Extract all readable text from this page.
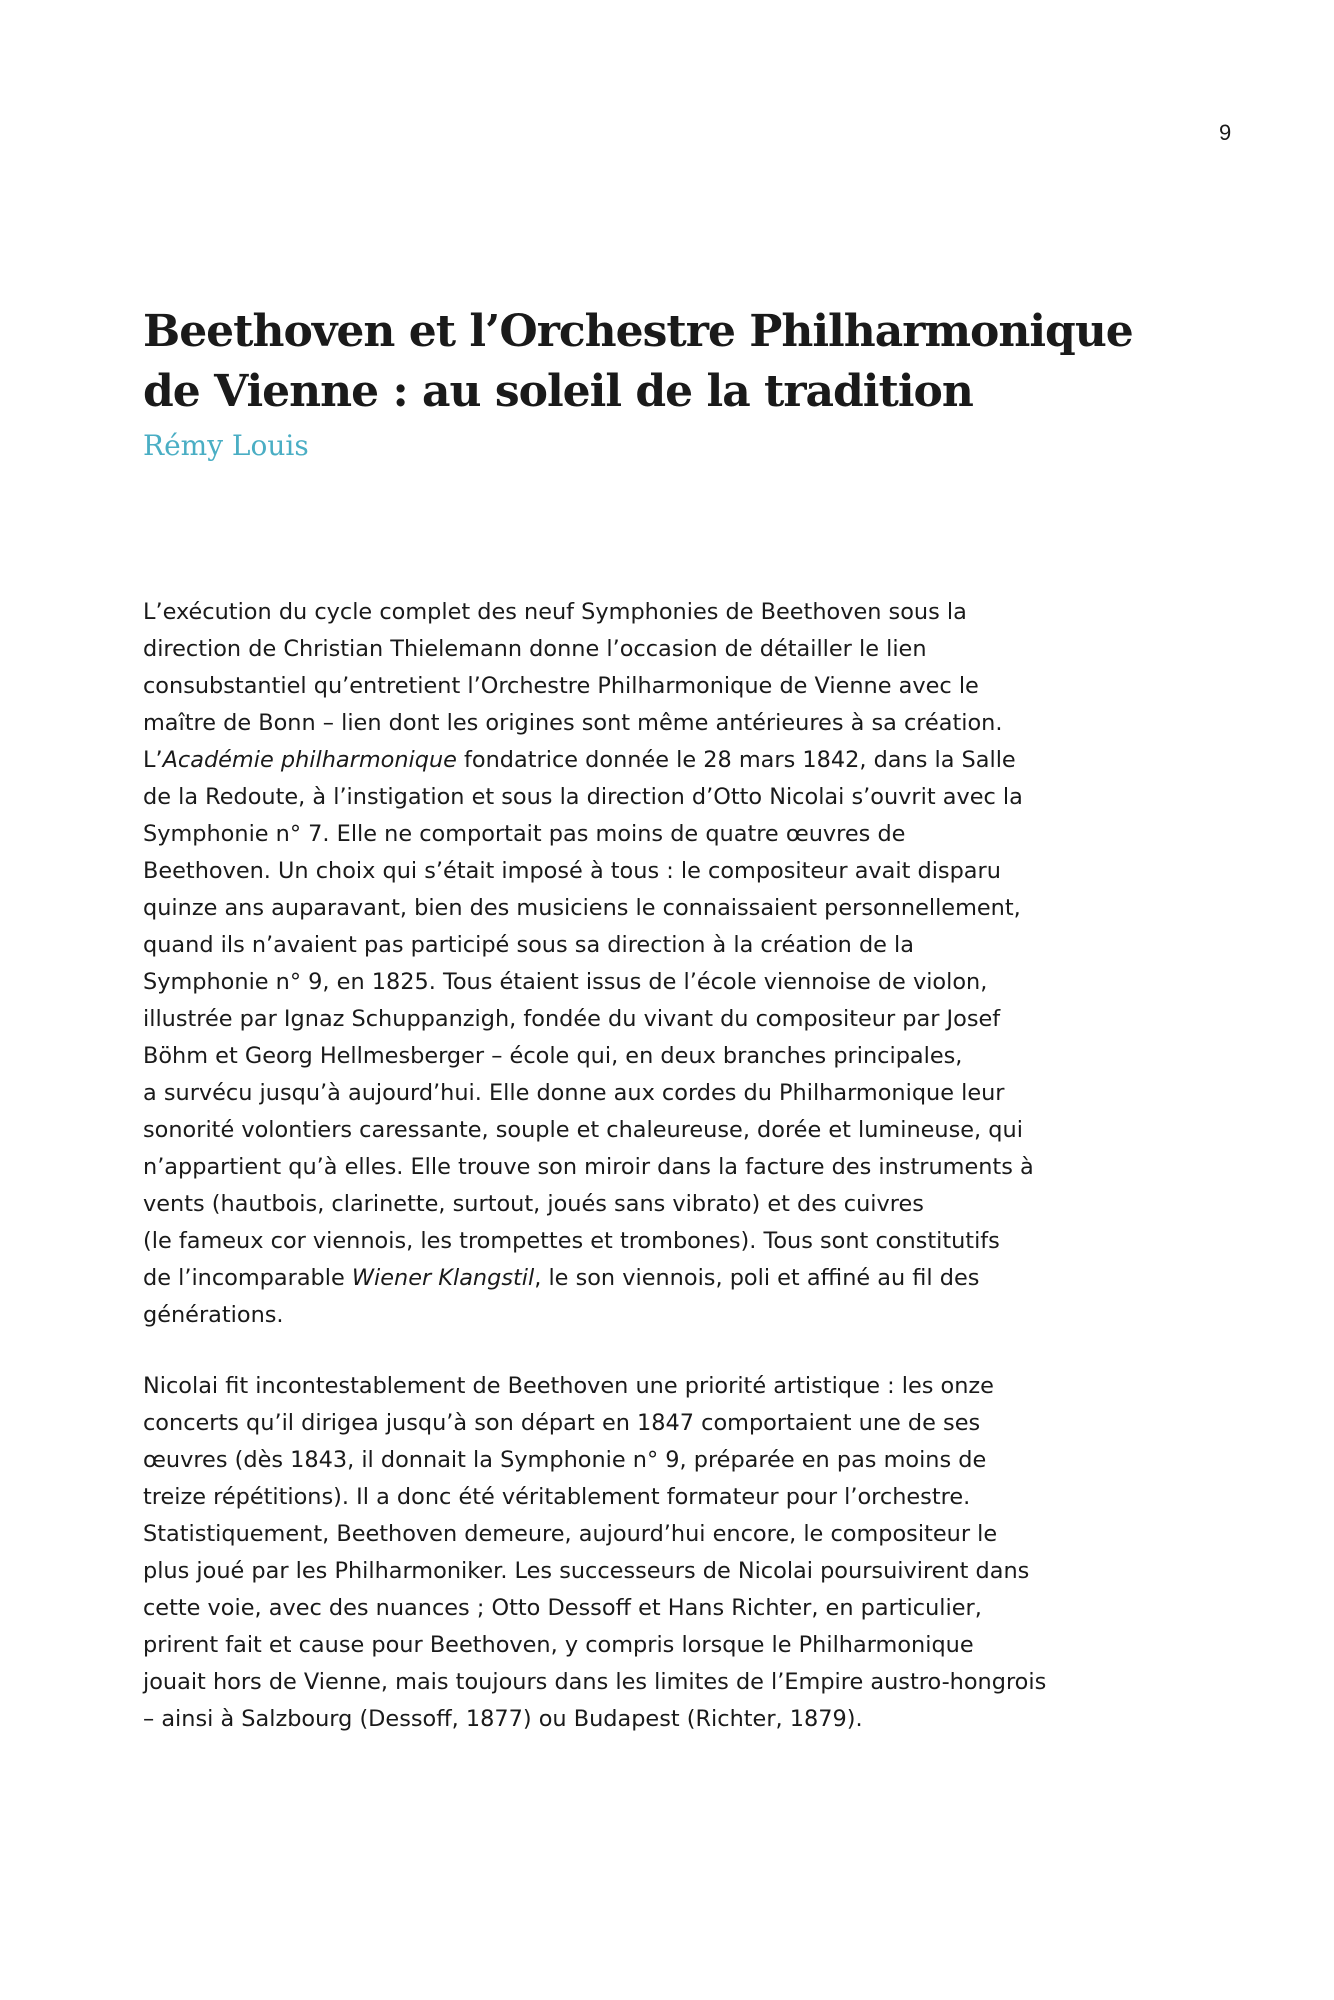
9
Beethoven et l’Orchestre Philharmonique
de Vienne : au soleil de la tradition
Rémy Louis

L’exécution du cycle complet des neuf Symphonies de Beethoven sous la
direction de Christian Thielemann donne l’occasion de détailler le lien
consubstantiel qu’entretient l’Orchestre Philharmonique de Vienne avec le
maître de Bonn – lien dont les origines sont même antérieures à sa création.
L’Académie philharmonique fondatrice donnée le 28 mars 1842, dans la Salle
de la Redoute, à l’instigation et sous la direction d’Otto Nicolai s’ouvrit avec la
Symphonie n° 7. Elle ne comportait pas moins de quatre œuvres de
Beethoven. Un choix qui s’était imposé à tous : le compositeur avait disparu
quinze ans auparavant, bien des musiciens le connaissaient personnellement,
quand ils n’avaient pas participé sous sa direction à la création de la
Symphonie n° 9, en 1825. Tous étaient issus de l’école viennoise de violon,
illustrée par Ignaz Schuppanzigh, fondée du vivant du compositeur par Josef
Böhm et Georg Hellmesberger – école qui, en deux branches principales,
a survécu jusqu’à aujourd’hui. Elle donne aux cordes du Philharmonique leur
sonorité volontiers caressante, souple et chaleureuse, dorée et lumineuse, qui
n’appartient qu’à elles. Elle trouve son miroir dans la facture des instruments à
vents (hautbois, clarinette, surtout, joués sans vibrato) et des cuivres
(le fameux cor viennois, les trompettes et trombones). Tous sont constitutifs
de l’incomparable Wiener Klangstil, le son viennois, poli et affiné au fil des
générations.

Nicolai fit incontestablement de Beethoven une priorité artistique : les onze
concerts qu’il dirigea jusqu’à son départ en 1847 comportaient une de ses
œuvres (dès 1843, il donnait la Symphonie n° 9, préparée en pas moins de
treize répétitions). Il a donc été véritablement formateur pour l’orchestre.
Statistiquement, Beethoven demeure, aujourd’hui encore, le compositeur le
plus joué par les Philharmoniker. Les successeurs de Nicolai poursuivirent dans
cette voie, avec des nuances ; Otto Dessoff et Hans Richter, en particulier,
prirent fait et cause pour Beethoven, y compris lorsque le Philharmonique
jouait hors de Vienne, mais toujours dans les limites de l’Empire austro-hongrois
– ainsi à Salzbourg (Dessoff, 1877) ou Budapest (Richter, 1879).
